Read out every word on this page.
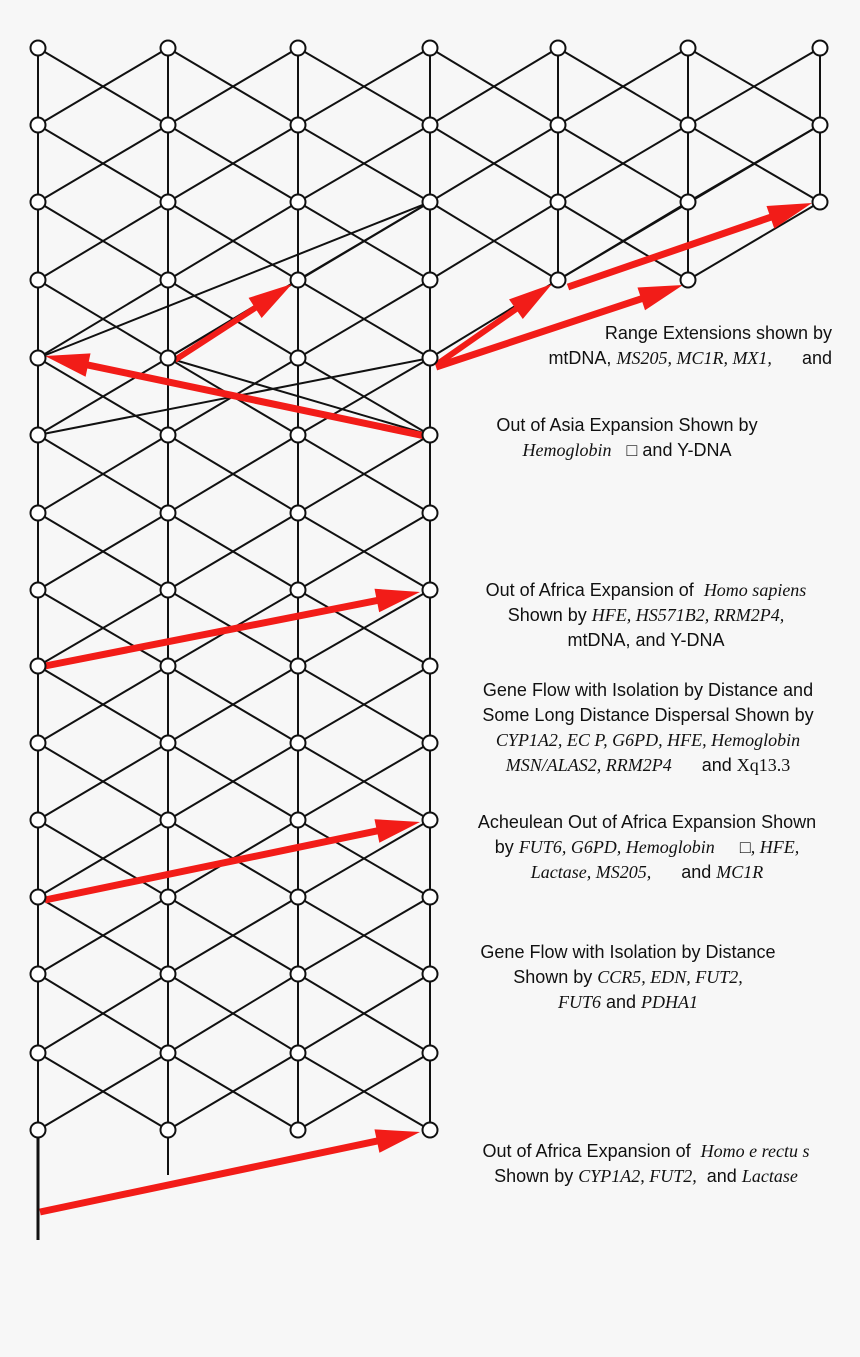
Range Extensions shown by
mtDNA, MS205, MC1R, MX1, and
Out of Asia Expansion Shown by
Hemoglobin □ and Y-DNA
Out of Africa Expansion of Homo sapiens
Shown by HFE, HS571B2, RRM2P4,
mtDNA, and Y-DNA
Gene Flow with Isolation by Distance and
Some Long Distance Dispersal Shown by
CYP1A2, EC P, G6PD, HFE, Hemoglobin
MSN/ALAS2, RRM2P4 and Xq13.3
Acheulean Out of Africa Expansion Shown
by FUT6, G6PD, Hemoglobin □, HFE,
Lactase, MS205, and MC1R
Gene Flow with Isolation by Distance
Shown by CCR5, EDN, FUT2,
FUT6 and PDHA1
Out of Africa Expansion of Homo e rectu s
Shown by CYP1A2, FUT2, and Lactase
